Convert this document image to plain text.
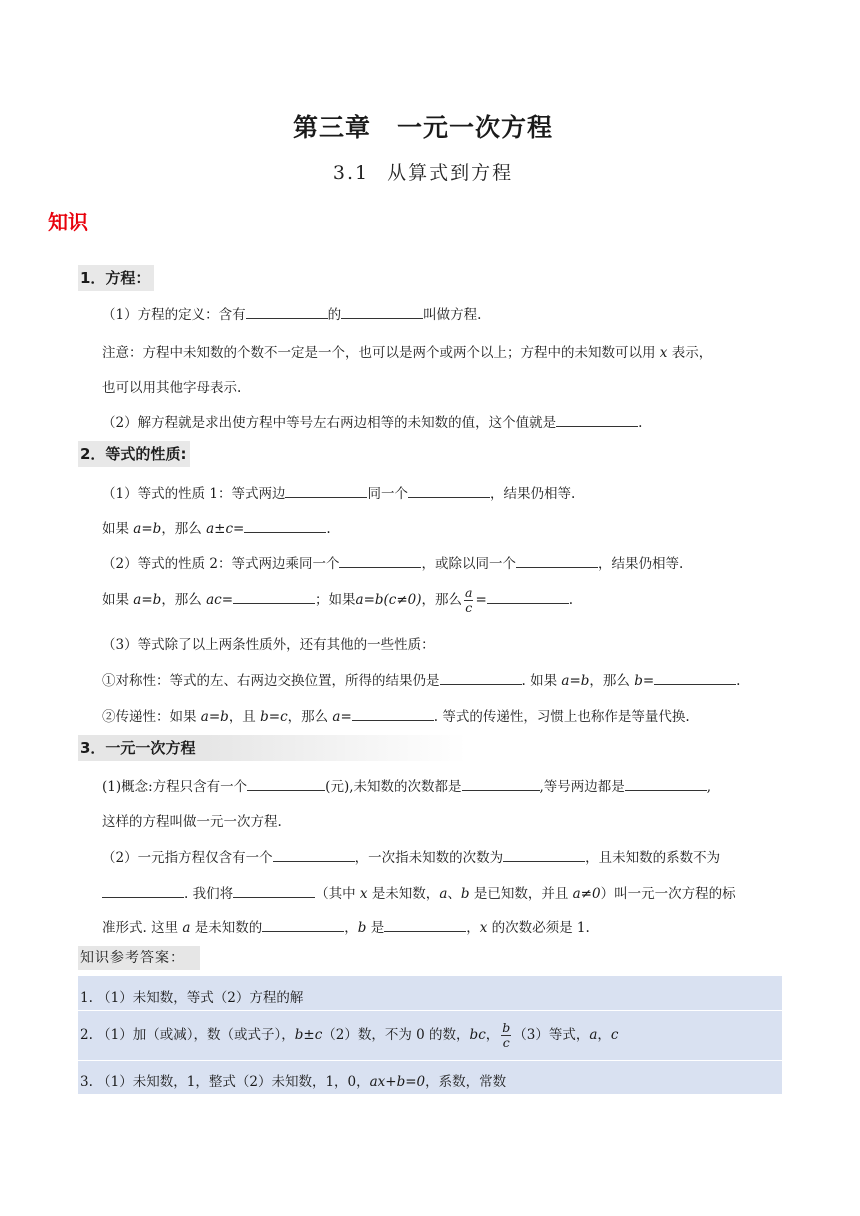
第三章　一元一次方程
3.1 从算式到方程
知识
1．方程：
（1）方程的定义：含有	的	叫做方程.
注意：方程中未知数的个数不一定是一个，也可以是两个或两个以上；方程中的未知数可以用 x 表示，
也可以用其他字母表示.
（2）解方程就是求出使方程中等号左右两边相等的未知数的值，这个值就是	.
2．等式的性质:
（1）等式的性质 1：等式两边	同一个	，结果仍相等.
如果 a=b，那么 a±c=	.
（2）等式的性质 2：等式两边乘同一个	，或除以同一个	，结果仍相等.
如果 a=b，那么 ac=	；如果a=b(c≠0)，那么 $\frac{a}{c}$ =	.
（3）等式除了以上两条性质外，还有其他的一些性质：
①对称性：等式的左、右两边交换位置，所得的结果仍是	. 如果 a=b，那么 b=	.
②传递性：如果 a=b，且 b=c，那么 a=	. 等式的传递性，习惯上也称作是等量代换.
3．一元一次方程
(1)概念:方程只含有一个	(元),未知数的次数都是	,等号两边都是	,
这样的方程叫做一元一次方程.
（2）一元指方程仅含有一个	，一次指未知数的次数为	，且未知数的系数不为
. 我们将	（其中 x 是未知数，a、b 是已知数，并且 a≠0）叫一元一次方程的标
准形式. 这里 a 是未知数的	，b 是	，x 的次数必须是 1.
知识参考答案：
1. （1）未知数，等式（2）方程的解
2. （1）加（或减），数（或式子），b±c（2）数，不为 0 的数，bc， $\frac{b}{c} (3)$等式，a，c
3. （1）未知数，1，整式（2）未知数，1，0，ax+b=0，系数，常数
